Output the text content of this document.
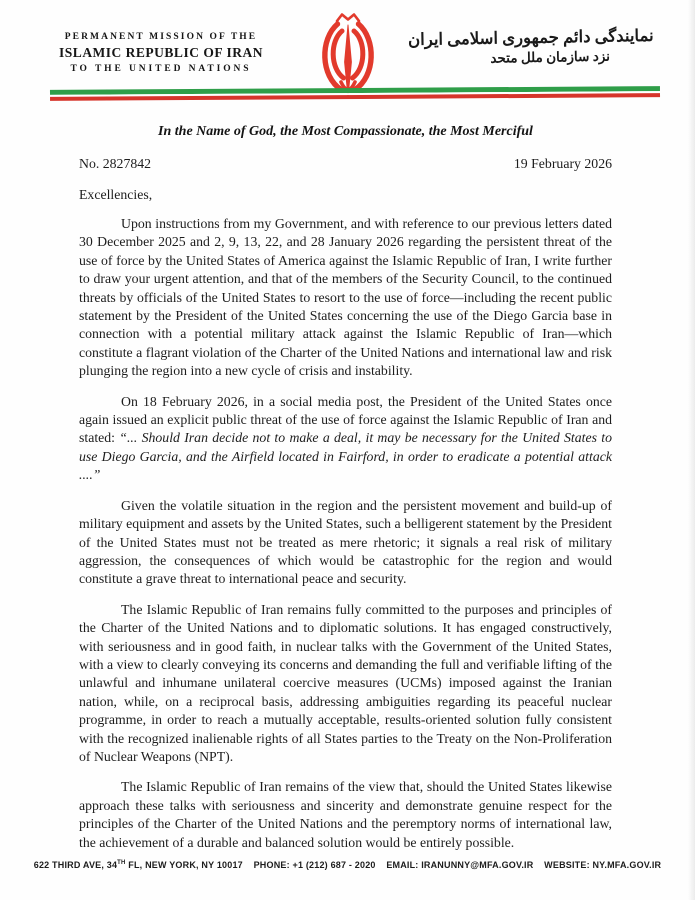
PERMANENT MISSION OF THE
ISLAMIC REPUBLIC OF IRAN
TO THE UNITED NATIONS
نمایندگی دائم جمهوری اسلامی ایران
نزد سازمان ملل متحد
In the Name of God, the Most Compassionate, the Most Merciful
No. 2827842	19 February 2026
Excellencies,

Upon instructions from my Government, and with reference to our previous letters dated 30 December 2025 and 2, 9, 13, 22, and 28 January 2026 regarding the persistent threat of the use of force by the United States of America against the Islamic Republic of Iran, I write further to draw your urgent attention, and that of the members of the Security Council, to the continued threats by officials of the United States to resort to the use of force—including the recent public statement by the President of the United States concerning the use of the Diego Garcia base in connection with a potential military attack against the Islamic Republic of Iran—which constitute a flagrant violation of the Charter of the United Nations and international law and risk plunging the region into a new cycle of crisis and instability.

On 18 February 2026, in a social media post, the President of the United States once again issued an explicit public threat of the use of force against the Islamic Republic of Iran and stated: “... Should Iran decide not to make a deal, it may be necessary for the United States to use Diego Garcia, and the Airfield located in Fairford, in order to eradicate a potential attack ....”

Given the volatile situation in the region and the persistent movement and build-up of military equipment and assets by the United States, such a belligerent statement by the President of the United States must not be treated as mere rhetoric; it signals a real risk of military aggression, the consequences of which would be catastrophic for the region and would constitute a grave threat to international peace and security.

The Islamic Republic of Iran remains fully committed to the purposes and principles of the Charter of the United Nations and to diplomatic solutions. It has engaged constructively, with seriousness and in good faith, in nuclear talks with the Government of the United States, with a view to clearly conveying its concerns and demanding the full and verifiable lifting of the unlawful and inhumane unilateral coercive measures (UCMs) imposed against the Iranian nation, while, on a reciprocal basis, addressing ambiguities regarding its peaceful nuclear programme, in order to reach a mutually acceptable, results-oriented solution fully consistent with the recognized inalienable rights of all States parties to the Treaty on the Non-Proliferation of Nuclear Weapons (NPT).

The Islamic Republic of Iran remains of the view that, should the United States likewise approach these talks with seriousness and sincerity and demonstrate genuine respect for the principles of the Charter of the United Nations and the peremptory norms of international law, the achievement of a durable and balanced solution would be entirely possible.

622 THIRD AVE, 34TH FL, NEW YORK, NY 10017 PHONE: +1 (212) 687 - 2020 EMAIL: IRANUNNY@MFA.GOV.IR WEBSITE: NY.MFA.GOV.IR
